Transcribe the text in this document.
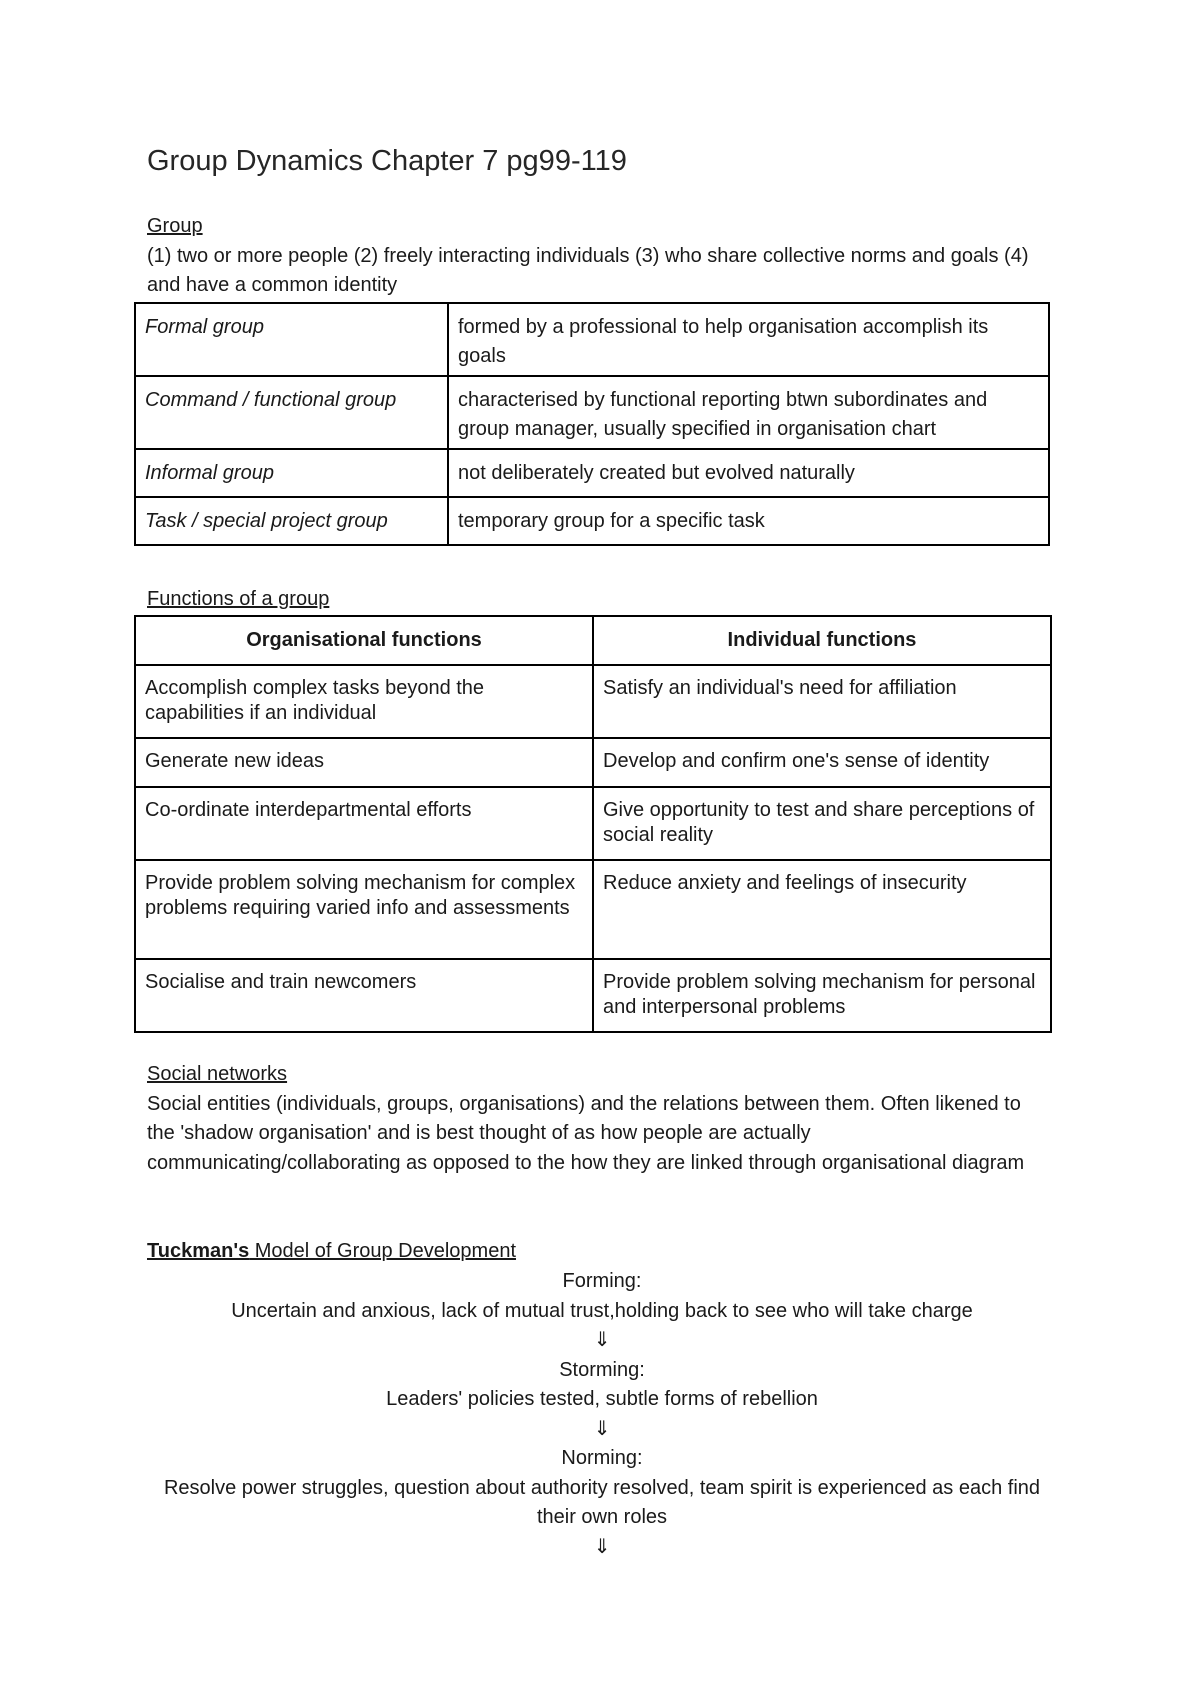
Group Dynamics Chapter 7 pg99-119
Group
(1) two or more people (2) freely interacting individuals (3) who share collective norms and goals (4) and have a common identity
Formal group	formed by a professional to help organisation accomplish its goals
Command / functional group	characterised by functional reporting btwn subordinates and group manager, usually specified in organisation chart
Informal group	not deliberately created but evolved naturally
Task / special project group	temporary group for a specific task
Functions of a group
Organisational functions	Individual functions
Accomplish complex tasks beyond the capabilities if an individual	Satisfy an individual's need for affiliation
Generate new ideas	Develop and confirm one's sense of identity
Co-ordinate interdepartmental efforts	Give opportunity to test and share perceptions of social reality
Provide problem solving mechanism for complex problems requiring varied info and assessments	Reduce anxiety and feelings of insecurity
Socialise and train newcomers	Provide problem solving mechanism for personal and interpersonal problems
Social networks
Social entities (individuals, groups, organisations) and the relations between them. Often likened to the 'shadow organisation' and is best thought of as how people are actually communicating/collaborating as opposed to the how they are linked through organisational diagram
Tuckman's Model of Group Development
Forming:
Uncertain and anxious, lack of mutual trust,holding back to see who will take charge
⇓
Storming:
Leaders' policies tested, subtle forms of rebellion
⇓
Norming:
Resolve power struggles, question about authority resolved, team spirit is experienced as each find their own roles
⇓
